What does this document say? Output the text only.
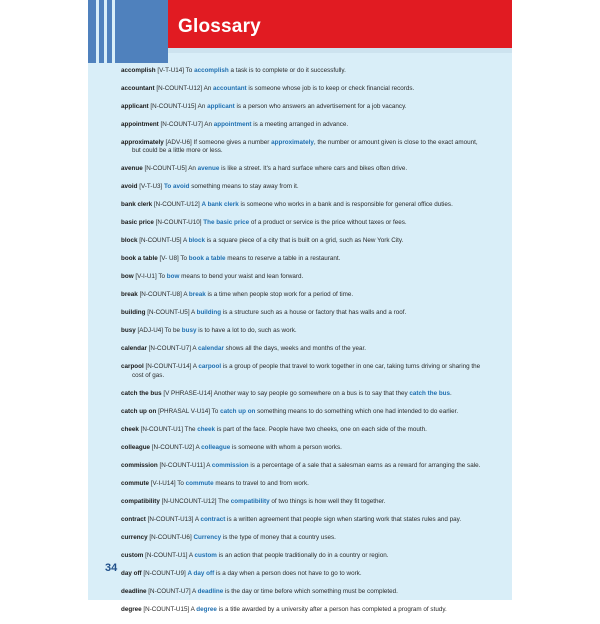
Glossary
accomplish [V-T-U14] To accomplish a task is to complete or do it successfully.
accountant [N-COUNT-U12] An accountant is someone whose job is to keep or check financial records.
applicant [N-COUNT-U15] An applicant is a person who answers an advertisement for a job vacancy.
appointment [N-COUNT-U7] An appointment is a meeting arranged in advance.
approximately [ADV-U6] If someone gives a number approximately, the number or amount given is close to the exact amount, but could be a little more or less.
avenue [N-COUNT-U5] An avenue is like a street. It's a hard surface where cars and bikes often drive.
avoid [V-T-U3] To avoid something means to stay away from it.
bank clerk [N-COUNT-U12] A bank clerk is someone who works in a bank and is responsible for general office duties.
basic price [N-COUNT-U10] The basic price of a product or service is the price without taxes or fees.
block [N-COUNT-U5] A block is a square piece of a city that is built on a grid, such as New York City.
book a table [V- U8] To book a table means to reserve a table in a restaurant.
bow [V-I-U1] To bow means to bend your waist and lean forward.
break [N-COUNT-U8] A break is a time when people stop work for a period of time.
building [N-COUNT-U5] A building is a structure such as a house or factory that has walls and a roof.
busy [ADJ-U4] To be busy is to have a lot to do, such as work.
calendar [N-COUNT-U7] A calendar shows all the days, weeks and months of the year.
carpool [N-COUNT-U14] A carpool is a group of people that travel to work together in one car, taking turns driving or sharing the cost of gas.
catch the bus [V PHRASE-U14] Another way to say people go somewhere on a bus is to say that they catch the bus.
catch up on [PHRASAL V-U14] To catch up on something means to do something which one had intended to do earlier.
cheek [N-COUNT-U1] The cheek is part of the face. People have two cheeks, one on each side of the mouth.
colleague [N-COUNT-U2] A colleague is someone with whom a person works.
commission [N-COUNT-U11] A commission is a percentage of a sale that a salesman earns as a reward for arranging the sale.
commute [V-I-U14] To commute means to travel to and from work.
compatibility [N-UNCOUNT-U12] The compatibility of two things is how well they fit together.
contract [N-COUNT-U13] A contract is a written agreement that people sign when starting work that states rules and pay.
currency [N-COUNT-U6] Currency is the type of money that a country uses.
custom [N-COUNT-U1] A custom is an action that people traditionally do in a country or region.
day off [N-COUNT-U9] A day off is a day when a person does not have to go to work.
deadline [N-COUNT-U7] A deadline is the day or time before which something must be completed.
degree [N-COUNT-U15] A degree is a title awarded by a university after a person has completed a program of study.
34
